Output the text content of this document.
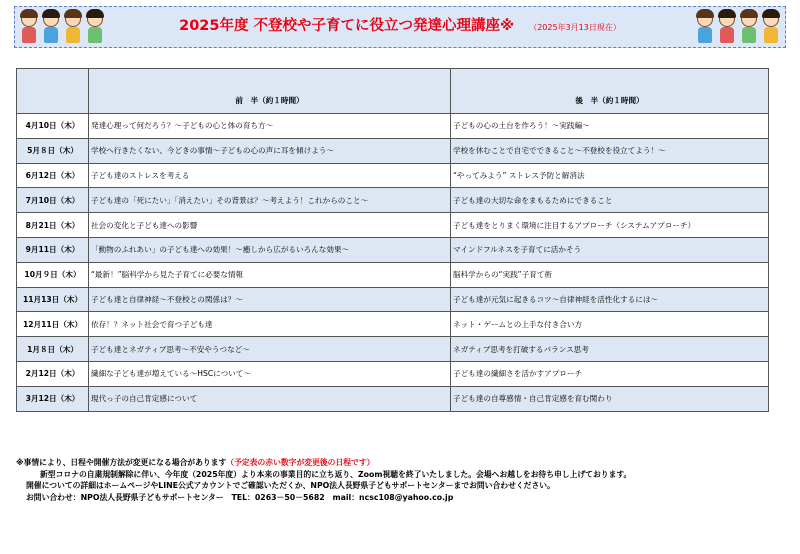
2025年度 不登校や子育てに役立つ発達心理講座※ （2025年3月13日現在）
	前　半（約１時間）	後　半（約１時間）
4月10日（木）	発達心理って何だろう？～子どもの心と体の育ち方～	子どもの心の土台を作ろう！～実践編～
5月８日（木）	学校へ行きたくない、今どきの事情～子どもの心の声に耳を傾けよう～	学校を休むことで自宅でできること～不登校を役立てよう！～
6月12日（木）	子ども達のストレスを考える	“やってみよう” ストレス予防と解消法
7月10日（木）	子ども達の「死にたい」「消えたい」その背景は？～考えよう！これからのこと～	子ども達の大切な命をまもるためにできること
8月21日（木）	社会の変化と子ども達への影響	子ども達をとりまく環境に注目するアプローチ（システムアプローチ）
9月11日（木）	「動物のふれあい」の子ども達への効果！～癒しから広がるいろんな効果～	マインドフルネスを子育てに活かそう
10月９日（木）	“最新！”脳科学から見た子育てに必要な情報	脳科学からの“実践”子育て術
11月13日（木）	子ども達と自律神経～不登校との関係は？～	子ども達が元気に起きるコツ～自律神経を活性化するには～
12月11日（木）	依存！？ネット社会で育つ子ども達	ネット・ゲームとの上手な付き合い方
1月８日（木）	子ども達とネガティブ思考～不安やうつなど～	ネガティブ思考を打破するバランス思考
2月12日（木）	繊細な子ども達が増えている～HSCについて～	子ども達の繊細さを活かすアプローチ
3月12日（木）	現代っ子の自己肯定感について	子ども達の自尊感情・自己肯定感を育む関わり
※事情により、日程や開催方法が変更になる場合があります（予定表の赤い数字が変更後の日程です）
新型コロナの自粛規制解除に伴い、今年度（2025年度）より本来の事業目的に立ち返り、Zoom視聴を終了いたしました。会場へお越しをお待ち申し上げております。
開催についての詳細はホームページやLINE公式アカウントでご確認いただくか、NPO法人長野県子どもサポートセンターまでお問い合わせください。
お問い合わせ：NPO法人長野県子どもサポートセンター　TEL：0263－50－5682　mail：ncsc108@yahoo.co.jp
